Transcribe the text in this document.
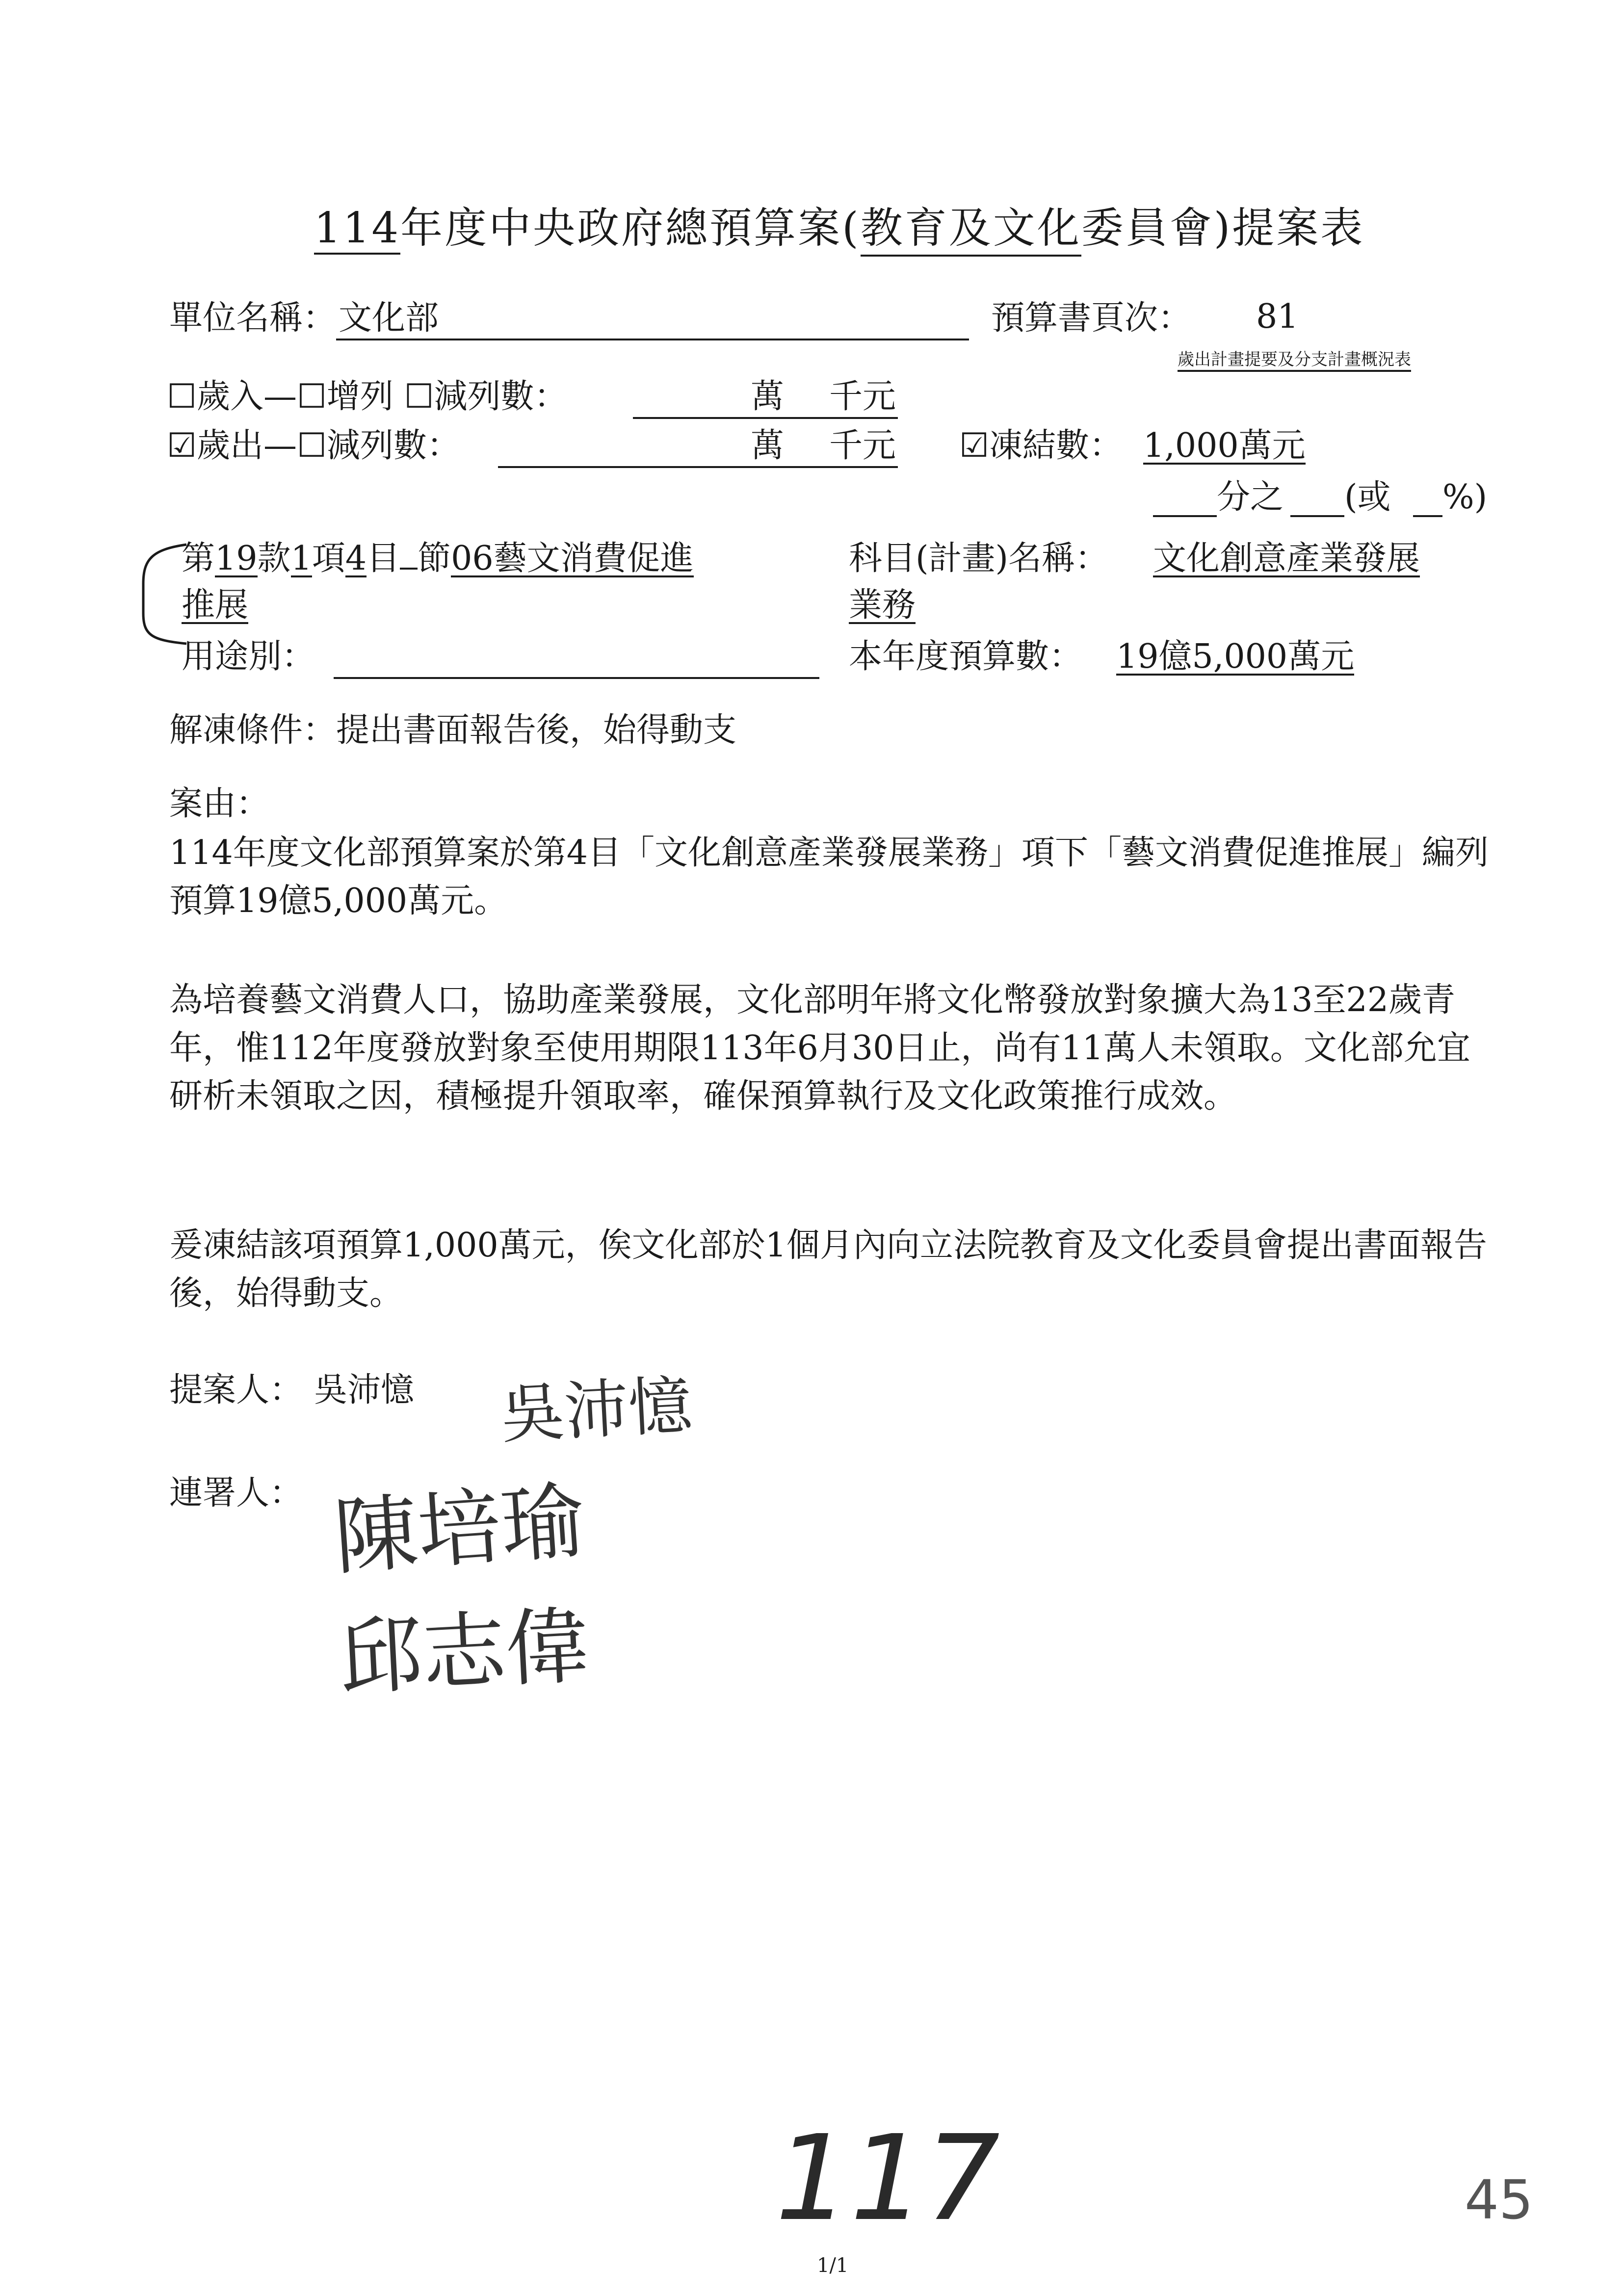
114年度中央政府總預算案(教育及文化委員會)提案表
單位名稱： 文化部	預算書頁次： 81
歲出計畫提要及分支計畫概況表
☐歲入—☐增列 ☐減列數：	萬 千元
☑歲出—☐減列數：	萬 千元 ☑凍結數： 1,000萬元
分之 (或 %)
第19款1項4目 節06藝文消費促進
推展
科目(計畫)名稱： 文化創意產業發展
業務
用途別：	本年度預算數： 19億5,000萬元
解凍條件：提出書面報告後，始得動支
案由：
114年度文化部預算案於第4目「文化創意產業發展業務」項下「藝文消費促進推展」編列預算19億5,000萬元。
為培養藝文消費人口，協助產業發展，文化部明年將文化幣發放對象擴大為13至22歲青年，惟112年度發放對象至使用期限113年6月30日止，尚有11萬人未領取。文化部允宜研析未領取之因，積極提升領取率，確保預算執行及文化政策推行成效。
爰凍結該項預算1,000萬元，俟文化部於1個月內向立法院教育及文化委員會提出書面報告後，始得動支。
提案人： 吳沛憶 吳沛憶
連署人： 陳培瑜
邱志偉
117	45
1/1
